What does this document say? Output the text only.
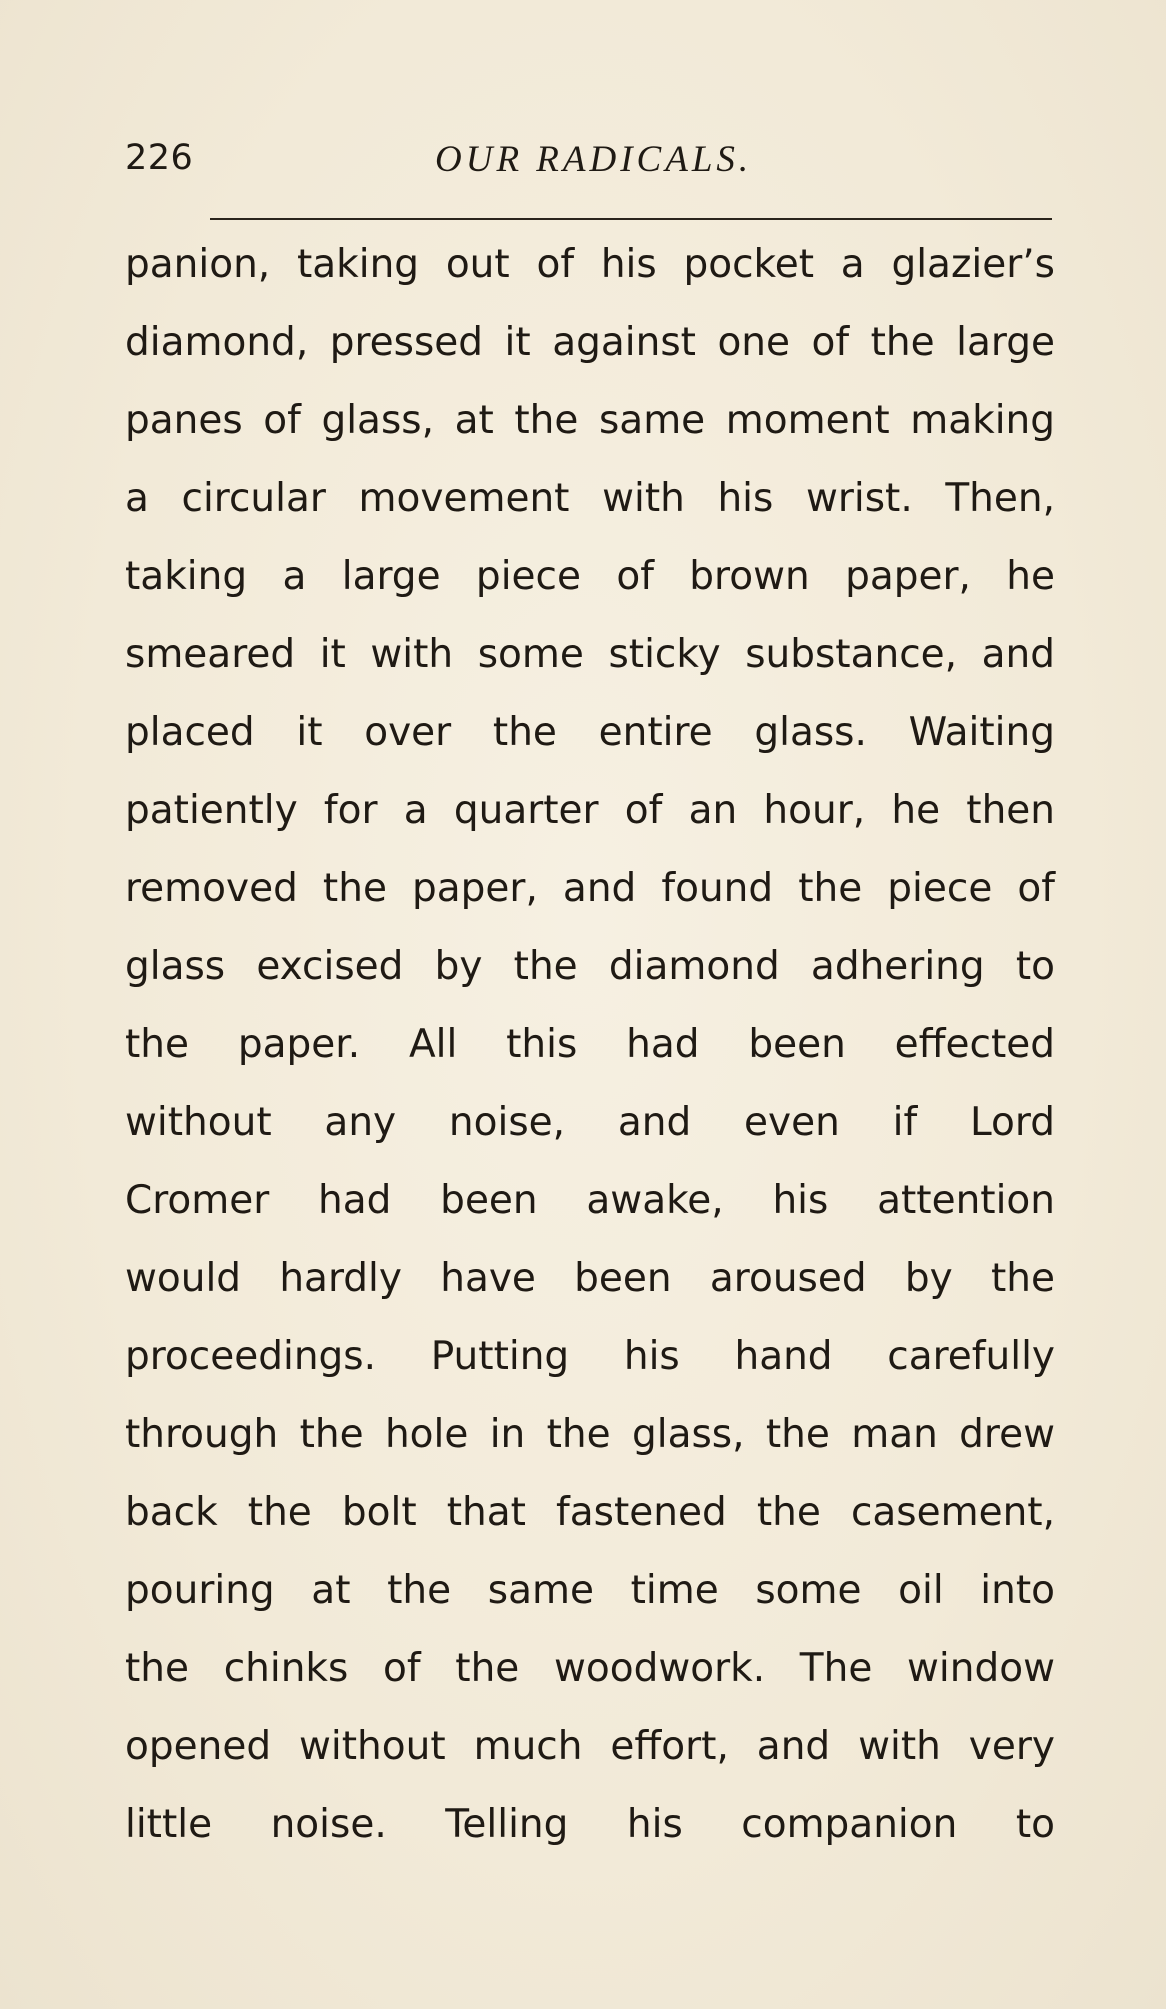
226	OUR RADICALS.
panion, taking out of his pocket a glazier’s
diamond, pressed it against one of the large
panes of glass, at the same moment making
a circular movement with his wrist. Then,
taking a large piece of brown paper, he
smeared it with some sticky substance, and
placed it over the entire glass. Waiting
patiently for a quarter of an hour, he then
removed the paper, and found the piece of
glass excised by the diamond adhering to
the paper. All this had been effected
without any noise, and even if Lord
Cromer had been awake, his attention
would hardly have been aroused by the
proceedings. Putting his hand carefully
through the hole in the glass, the man drew
back the bolt that fastened the casement,
pouring at the same time some oil into
the chinks of the woodwork. The window
opened without much effort, and with very
little noise. Telling his companion to
